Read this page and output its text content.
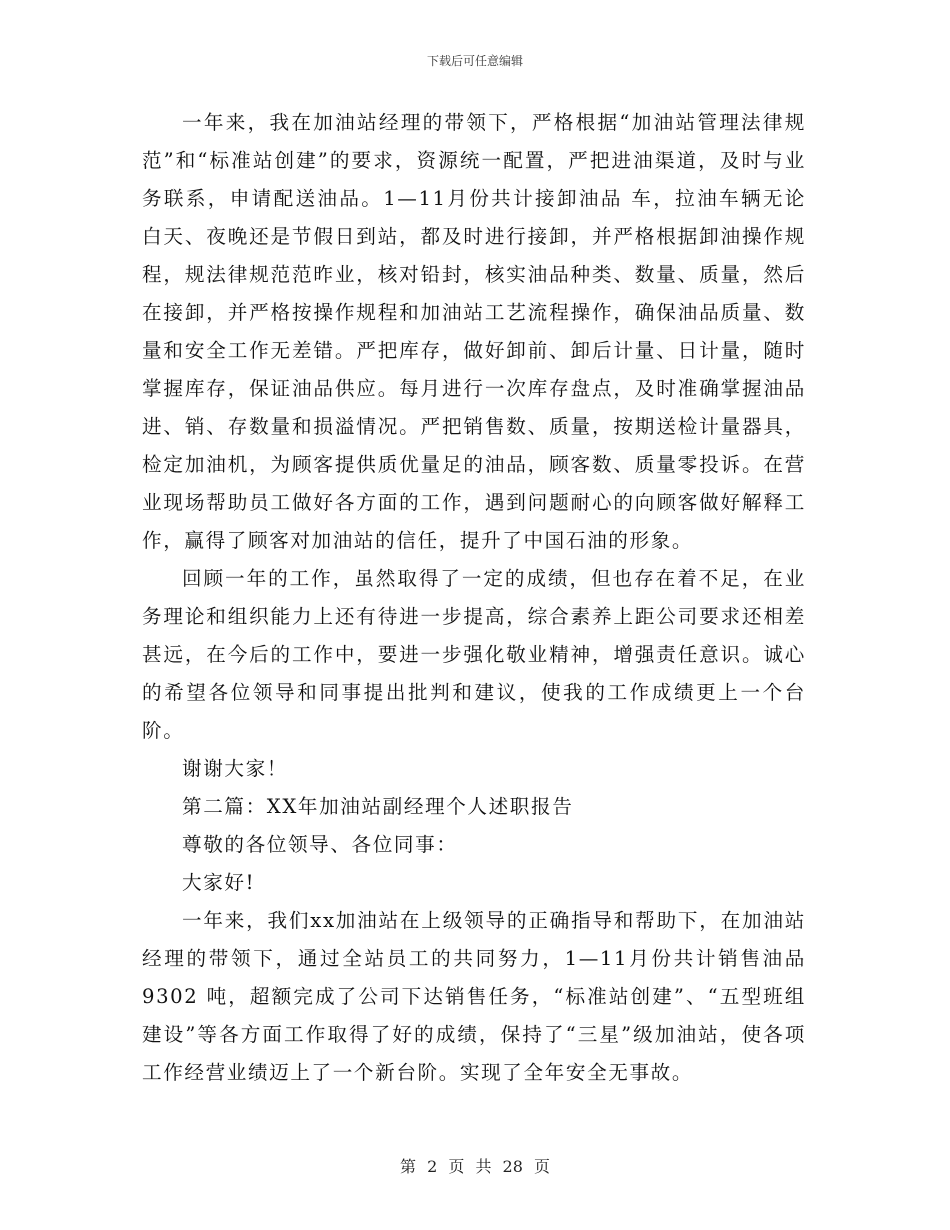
下载后可任意编辑

一年来，我在加油站经理的带领下，严格根据“加油站管理法律规范”和“标准站创建”的要求，资源统一配置，严把进油渠道，及时与业务联系，申请配送油品。1—11月份共计接卸油品 车，拉油车辆无论白天、夜晚还是节假日到站，都及时进行接卸，并严格根据卸油操作规程，规法律规范范昨业，核对铅封，核实油品种类、数量、质量，然后在接卸，并严格按操作规程和加油站工艺流程操作，确保油品质量、数量和安全工作无差错。严把库存，做好卸前、卸后计量、日计量，随时掌握库存，保证油品供应。每月进行一次库存盘点，及时准确掌握油品进、销、存数量和损溢情况。严把销售数、质量，按期送检计量器具，检定加油机，为顾客提供质优量足的油品，顾客数、质量零投诉。在营业现场帮助员工做好各方面的工作，遇到问题耐心的向顾客做好解释工作，赢得了顾客对加油站的信任，提升了中国石油的形象。

回顾一年的工作，虽然取得了一定的成绩，但也存在着不足，在业务理论和组织能力上还有待进一步提高，综合素养上距公司要求还相差甚远，在今后的工作中，要进一步强化敬业精神，增强责任意识。诚心的希望各位领导和同事提出批判和建议，使我的工作成绩更上一个台阶。

谢谢大家！

第二篇：XX年加油站副经理个人述职报告

尊敬的各位领导、各位同事：

大家好!

一年来，我们xx加油站在上级领导的正确指导和帮助下，在加油站经理的带领下，通过全站员工的共同努力，1—11月份共计销售油品9302 吨，超额完成了公司下达销售任务，“标准站创建”、“五型班组建设”等各方面工作取得了好的成绩，保持了“三星”级加油站，使各项工作经营业绩迈上了一个新台阶。实现了全年安全无事故。

第 2 页 共 28 页
